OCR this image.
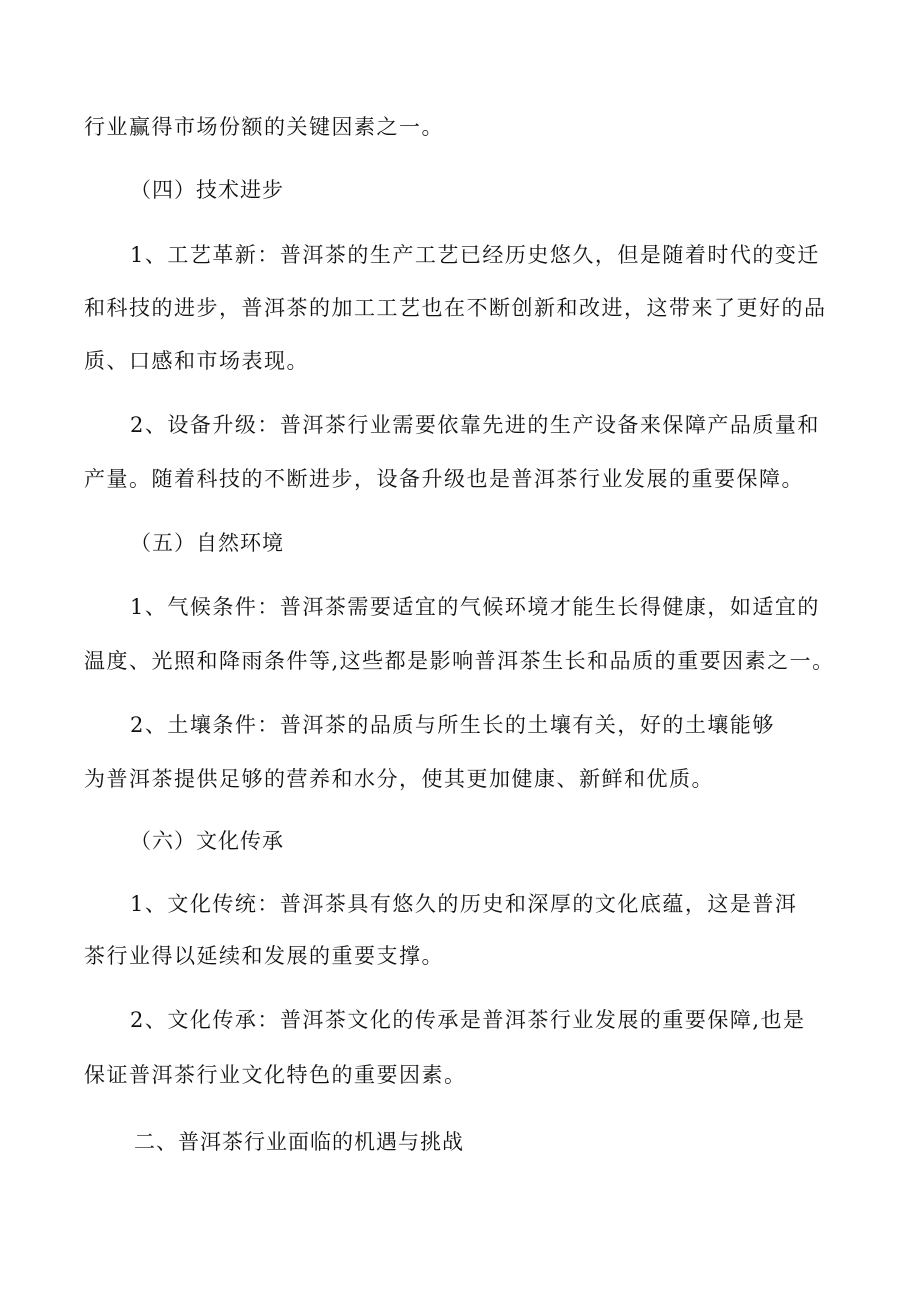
行业赢得市场份额的关键因素之一。
（四）技术进步
1、工艺革新：普洱茶的生产工艺已经历史悠久，但是随着时代的变迁
和科技的进步，普洱茶的加工工艺也在不断创新和改进，这带来了更好的品
质、口感和市场表现。
2、设备升级：普洱茶行业需要依靠先进的生产设备来保障产品质量和
产量。随着科技的不断进步，设备升级也是普洱茶行业发展的重要保障。
（五）自然环境
1、气候条件：普洱茶需要适宜的气候环境才能生长得健康，如适宜的
温度、光照和降雨条件等,这些都是影响普洱茶生长和品质的重要因素之一。
2、土壤条件：普洱茶的品质与所生长的土壤有关，好的土壤能够
为普洱茶提供足够的营养和水分，使其更加健康、新鲜和优质。
（六）文化传承
1、文化传统：普洱茶具有悠久的历史和深厚的文化底蕴，这是普洱
茶行业得以延续和发展的重要支撑。
2、文化传承：普洱茶文化的传承是普洱茶行业发展的重要保障,也是
保证普洱茶行业文化特色的重要因素。
二、普洱茶行业面临的机遇与挑战
